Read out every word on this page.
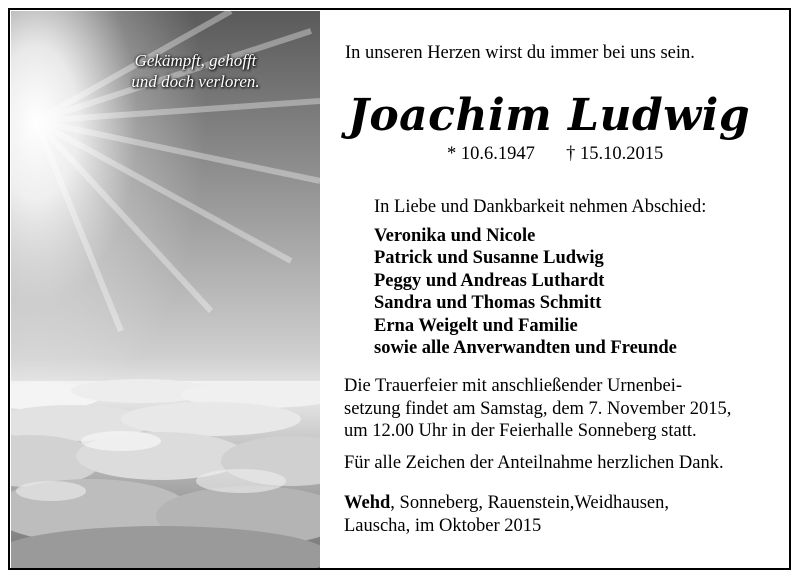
Gekämpft, gehofft
und doch verloren.
In unseren Herzen wirst du immer bei uns sein.
Joachim Ludwig
* 10.6.1947 † 15.10.2015
In Liebe und Dankbarkeit nehmen Abschied:
Veronika und Nicole
Patrick und Susanne Ludwig
Peggy und Andreas Luthardt
Sandra und Thomas Schmitt
Erna Weigelt und Familie
sowie alle Anverwandten und Freunde
Die Trauerfeier mit anschließender Urnenbei-
setzung findet am Samstag, dem 7. November 2015,
um 12.00 Uhr in der Feierhalle Sonneberg statt.
Für alle Zeichen der Anteilnahme herzlichen Dank.
Wehd, Sonneberg, Rauenstein,Weidhausen,
Lauscha, im Oktober 2015
